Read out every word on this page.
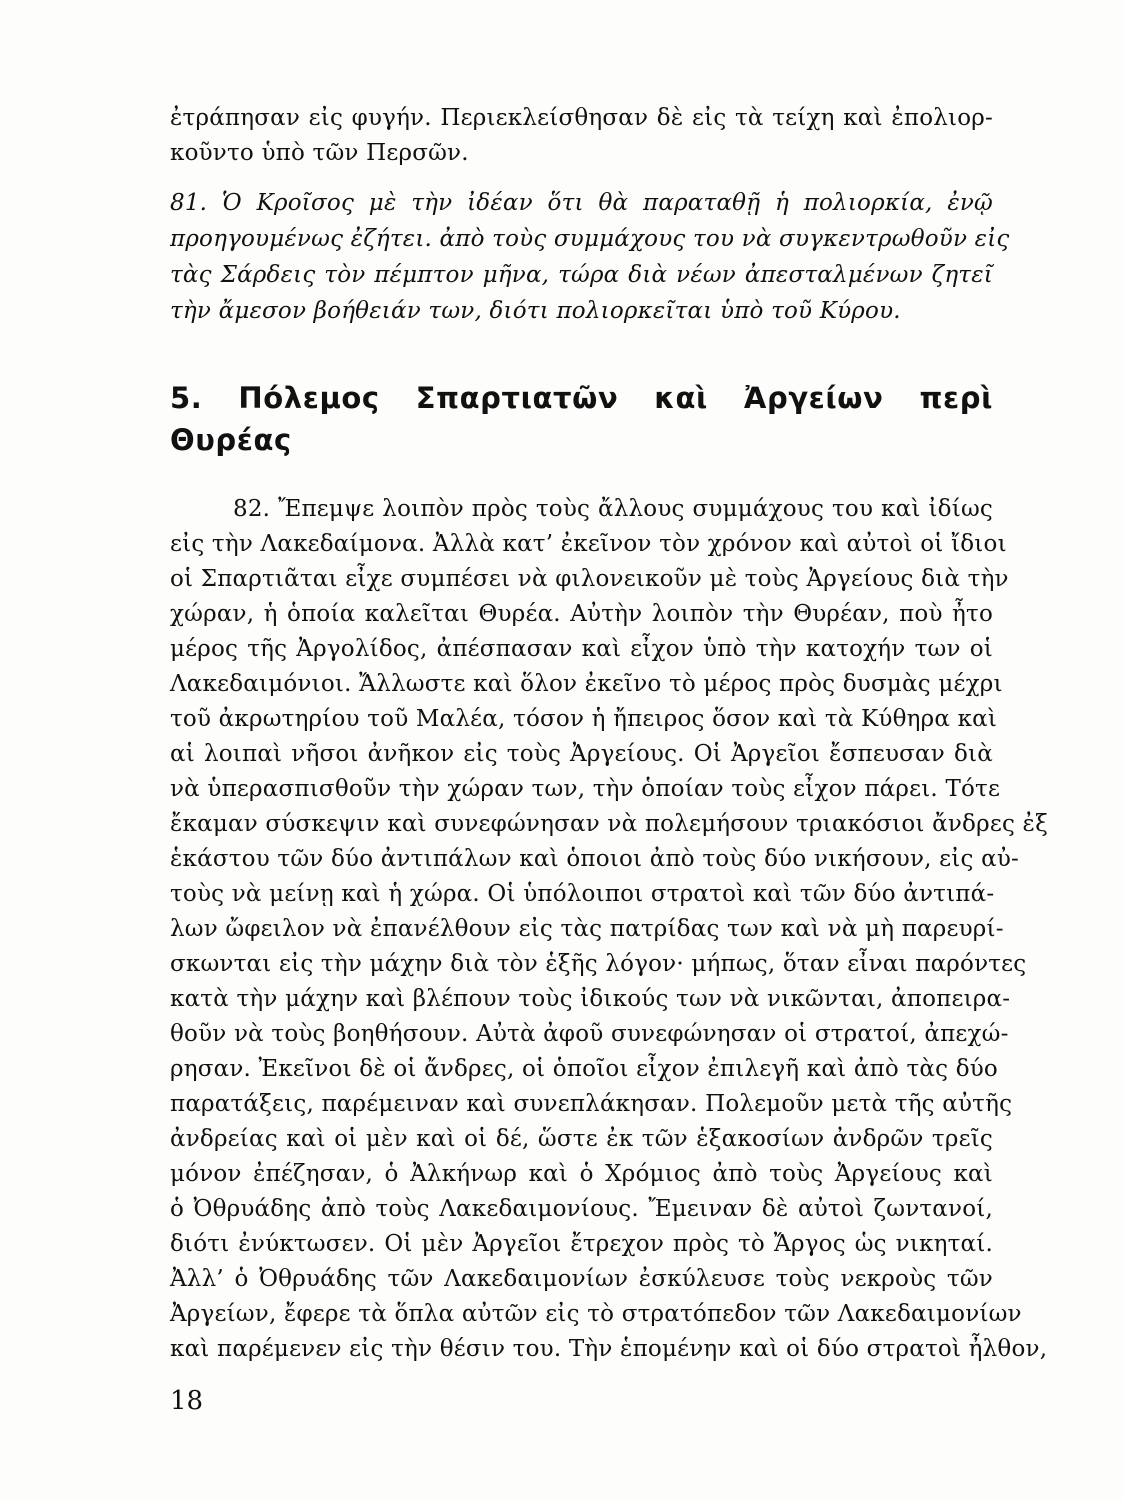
ἐτράπησαν εἰς φυγήν. Περιεκλείσθησαν δὲ εἰς τὰ τείχη καὶ ἐπολιορ-
κοῦντο ὑπὸ τῶν Περσῶν.
81. Ὁ Κροῖσος μὲ τὴν ἰδέαν ὅτι θὰ παραταθῇ ἡ πολιορκία, ἐνῷ
προηγουμένως ἐζήτει. ἀπὸ τοὺς συμμάχους του νὰ συγκεντρωθοῦν εἰς
τὰς Σάρδεις τὸν πέμπτον μῆνα, τώρα διὰ νέων ἀπεσταλμένων ζητεῖ
τὴν ἄμεσον βοήθειάν των, διότι πολιορκεῖται ὑπὸ τοῦ Κύρου.
5. Πόλεμος Σπαρτιατῶν καὶ Ἀργείων περὶ
Θυρέας
82. Ἔπεμψε λοιπὸν πρὸς τοὺς ἄλλους συμμάχους του καὶ ἰδίως
εἰς τὴν Λακεδαίμονα. Ἀλλὰ κατ’ ἐκεῖνον τὸν χρόνον καὶ αὐτοὶ οἱ ἴδιοι
οἱ Σπαρτιᾶται εἶχε συμπέσει νὰ φιλονεικοῦν μὲ τοὺς Ἀργείους διὰ τὴν
χώραν, ἡ ὁποία καλεῖται Θυρέα. Αὐτὴν λοιπὸν τὴν Θυρέαν, ποὺ ἦτο
μέρος τῆς Ἀργολίδος, ἀπέσπασαν καὶ εἶχον ὑπὸ τὴν κατοχήν των οἱ
Λακεδαιμόνιοι. Ἄλλωστε καὶ ὅλον ἐκεῖνο τὸ μέρος πρὸς δυσμὰς μέχρι
τοῦ ἀκρωτηρίου τοῦ Μαλέα, τόσον ἡ ἤπειρος ὅσον καὶ τὰ Κύθηρα καὶ
αἱ λοιπαὶ νῆσοι ἀνῆκον εἰς τοὺς Ἀργείους. Οἱ Ἀργεῖοι ἔσπευσαν διὰ
νὰ ὑπερασπισθοῦν τὴν χώραν των, τὴν ὁποίαν τοὺς εἶχον πάρει. Τότε
ἔκαμαν σύσκεψιν καὶ συνεφώνησαν νὰ πολεμήσουν τριακόσιοι ἄνδρες ἐξ
ἑκάστου τῶν δύο ἀντιπάλων καὶ ὁποιοι ἀπὸ τοὺς δύο νικήσουν, εἰς αὐ-
τοὺς νὰ μείνῃ καὶ ἡ χώρα. Οἱ ὑπόλοιποι στρατοὶ καὶ τῶν δύο ἀντιπά-
λων ὤφειλον νὰ ἐπανέλθουν εἰς τὰς πατρίδας των καὶ νὰ μὴ παρευρί-
σκωνται εἰς τὴν μάχην διὰ τὸν ἑξῆς λόγον· μήπως, ὅταν εἶναι παρόντες
κατὰ τὴν μάχην καὶ βλέπουν τοὺς ἰδικούς των νὰ νικῶνται, ἀποπειρα-
θοῦν νὰ τοὺς βοηθήσουν. Αὐτὰ ἀφοῦ συνεφώνησαν οἱ στρατοί, ἀπεχώ-
ρησαν. Ἐκεῖνοι δὲ οἱ ἄνδρες, οἱ ὁποῖοι εἶχον ἐπιλεγῆ καὶ ἀπὸ τὰς δύο
παρατάξεις, παρέμειναν καὶ συνεπλάκησαν. Πολεμοῦν μετὰ τῆς αὐτῆς
ἀνδρείας καὶ οἱ μὲν καὶ οἱ δέ, ὥστε ἐκ τῶν ἑξακοσίων ἀνδρῶν τρεῖς
μόνον ἐπέζησαν, ὁ Ἀλκήνωρ καὶ ὁ Χρόμιος ἀπὸ τοὺς Ἀργείους καὶ
ὁ Ὀθρυάδης ἀπὸ τοὺς Λακεδαιμονίους. Ἔμειναν δὲ αὐτοὶ ζωντανοί,
διότι ἐνύκτωσεν. Οἱ μὲν Ἀργεῖοι ἔτρεχον πρὸς τὸ Ἄργος ὡς νικηταί.
Ἀλλ’ ὁ Ὀθρυάδης τῶν Λακεδαιμονίων ἐσκύλευσε τοὺς νεκροὺς τῶν
Ἀργείων, ἔφερε τὰ ὅπλα αὐτῶν εἰς τὸ στρατόπεδον τῶν Λακεδαιμονίων
καὶ παρέμενεν εἰς τὴν θέσιν του. Τὴν ἑπομένην καὶ οἱ δύο στρατοὶ ἦλθον,
18
